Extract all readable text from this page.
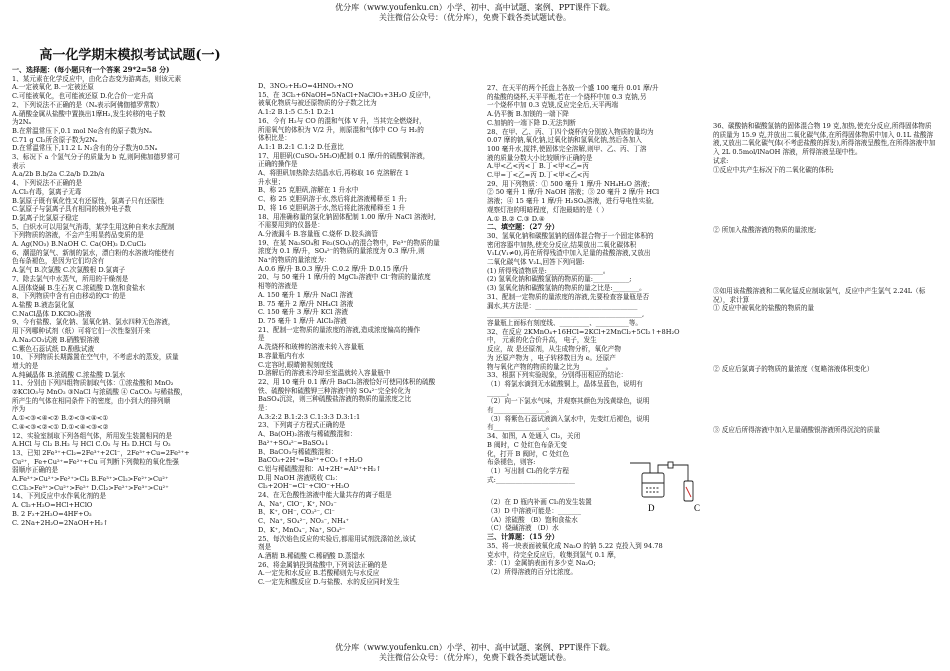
优分库（www.youfenku.cn）小学、初中、高中试题、案例、PPT课件下载。
关注微信公众号：（优分库），免费下载各类试题试卷。
高一化学期末模拟考试试题(一)

一、选择题：(每小题只有一个答案 29*2=58 分)

1、某元素在化学反应中，由化合态变为游离态，则该元素

A.一定被氧化 B.一定被还原

C.可能被氧化，也可能被还原 D.化合价一定升高

2、下列说法不正确的是（Nₐ表示阿佛伽德罗常数）

A.硝酸金属从盐酸中置换出1摩H₂,发生转移的电子数

为2Nₐ

B.在常温常压下,0.1 mol Ne含有的原子数为Nₐ

C.71 g Cl₂所含原子数为2Nₐ

D.在常温常压下,11.2 L N₂含有的分子数为0.5Nₐ

3、标况下 a 个氢气分子的质量为 b 克,则阿佛加德罗常可

表示

A.a/2b B.b/2a C.2a/b D.2b/a

4、下列说法不正确的是

A.Cl₂有毒，氯离子无毒

B.氯原子既有氧化性又有还原性，氯离子只有还原性

C.氯原子与氯离子具有相同的核外电子数

D.氯离子比氯原子稳定

5、白炽水可以用氯气消毒，某学生用这种自来水去配制

下列物质的溶液，不会产生明显药品变质的是

A. Ag(NO₃) B.NaOH C. Ca(OH)₂ D.CuCl₂

6、潮湿的氯气、新制的氯水，漂白粉的水溶液均能使有

色布条褪色，是因为它们均含有

A.氯气 B.次氯酸 C.次氯酸根 D.氯离子

7、除去氯气中水蒸气，所用的干燥剂是

A.固体烧碱 B.生石灰 C.浓硫酸 D.饱和食盐水

8、下列物质中含有自由移动的Cl⁻的是

A.盐酸 B.液态氯化氢

C.NaCl晶体 D.KClO₃溶液

9、今有盐酸、氯化钠、氢氧化钠、氯水四种无色溶液，

用下列哪种试剂（纸）可将它们一次性鉴别开来

A.Na₂CO₃试液 B.硝酸银溶液

C.紫色石蕊试纸 D.酚酞试液

10、下列物质长期露置在空气中，不考虑水的蒸发，质量

增大的是

A.纯碱晶体 B.浓硫酸 C.浓盐酸 D.氯水

11、分别由下列四组物质制取气体：①浓盐酸和 MnO₂

②KClO₃与 MnO₂ ③NaCl 与浓硫酸 ④ CaCO₃ 与稀盐酸，

所产生的气体在相同条件下的密度，由小到大的排列顺

序为

A.①<③<④<② B.②<③<④<①

C.④<③<②<① D.①<④<③<②

12、实验室制取下列各组气体，所用发生装置相同的是

A.HCl 与 Cl₂ B.H₂ 与 HCl C.O₂ 与 H₂ D.HCl 与 O₂

13、已知 2Fe³⁺+Cl₂=2Fe³⁺+2Cl⁻，2Fe³⁺+Cu=2Fe²⁺+

Cu²⁺，Fe+Cu²⁺=Fe²⁺+Cu 可判断下列微粒的氧化性强

弱顺序正确的是

A.Fe³⁺>Cu²⁺>Fe²⁺>Cl₂ B.Fe³⁺>Cl₂>Fe²⁺>Cu²⁺

C.Cl₂>Fe³⁺>Cu²⁺>Fe²⁺ D.Cl₂>Fe²⁺>Fe³⁺>Cu²⁺

14、下列反应中水作氧化剂的是

A. Cl₂+H₂O=HCl+HClO

B. 2 F₂+2H₂O=4HF+O₂

C. 2Na+2H₂O=2NaOH+H₂↑

D、3NO₂+H₂O=4HNO₃+NO

15、在 3Cl₂+6NaOH=5NaCl+NaClO₃+3H₂O 反应中，

被氧化物质与被还原物质的分子数之比为

A.1:2 B.1:5 C.5:1 D.2:1

16、今有 H₂与 CO 的混和气体 V 升，当其完全燃烧时，

所需氧气的体积为 V/2 升，则原混和气体中 CO 与 H₂的

体积比是：

A.1:1 B.2:1 C.1:2 D.任意比

17、用胆矾(CuSO₄·5H₂O)配制 0.1 摩/升的硫酸铜溶液，

正确的操作是

A、将胆矾加热除去结晶水后,再称取 16 克溶解在 1

升水里；

B、称 25 克胆矾,溶解在 1 升水中

C、称 25 克胆矾溶于水,然后将此溶液稀释至 1 升;

D、将 16 克胆矾溶于水,然后将此溶液稀释至 1 升

18、用准确称量的氯化钠固体配制 1.00 摩/升 NaCl 溶液时,

不需要用到的仪器是：

A.分液漏斗 B.容量瓶 C.烧杯 D.胶头滴管

19、在某 Na₂SO₄和 Fe₂(SO₄)₃的混合物中，Fe³⁺的物质的量

浓度为 0.1 摩/升，SO₄²⁻的物质的量浓度为 0.3 摩/升,则

Na⁺的物质的量浓度为：

A.0.6 摩/升 B.0.3 摩/升 C.0.2 摩/升 D.0.15 摩/升

20、与 50 毫升 1 摩/升的 MgCl₂溶液中 Cl⁻物质的量浓度

相等的溶液是

A. 150 毫升 1 摩/升 NaCl 溶液

B. 75 毫升 2 摩/升 NH₄Cl 溶液

C. 150 毫升 3 摩/升 KCl 溶液

D. 75 毫升 1 摩/升 AlCl₃溶液

21、配制一定物质的量浓度的溶液,造成浓度偏高的操作

是

A.洗烧杯和玻棒的溶液未转入容量瓶

B.容量瓶内有水

C.定容时,眼睛俯视刻度线

D.溶解后的溶液未冷却至室温就转入容量瓶中

22、用 10 毫升 0.1 摩/升 BaCl₂溶液恰好可使同体积的硫酸

铁、硫酸锌和硫酸钾三种溶液中的 SO₄²⁻完全转化为

BaSO₄沉淀，则三种硫酸盐溶液的物质的量浓度之比

是：

A.3:2:2 B.1:2:3 C.1:3:3 D.3:1:1

23、下列离子方程式正确的是

A、Ba(OH)₂溶液与稀硫酸混和：

Ba²⁺+SO₄²⁻=BaSO₄↓

B、BaCO₃与稀硫酸混和：

BaCO₃+2H⁺=Ba²⁺+CO₂↑+H₂O

C.铝与稀硫酸混和：Al+2H⁺=Al³⁺+H₂↑

D.用 NaOH 溶液吸收 Cl₂：

Cl₂+2OH⁻=Cl⁻+ClO⁻+H₂O

24、在无色酸性溶液中能大量共存的离子组是

A、Na⁺, ClO⁻, K⁺, NO₃⁻

B、K⁺, OH⁻, CO₃²⁻, Cl⁻

C、Na⁺, SO₄²⁻, NO₃⁻, NH₄⁺

D、K⁺, MnO₄⁻, Na⁺, SO₄²⁻

25、每次焰色反应的实验后,都需用试剂洗涤铂丝,该试

剂是

A.酒精 B.稀硫酸 C.稀硝酸 D.蒸馏水

26、将金属钠投到盐酸中,下列说法正确的是

A.一定先和水反应 B.若酸稀则先与水反应

C.一定先和酸反应 D.与盐酸、水的反应同时发生

27、在天平的两个托盘上各放一个盛 100 毫升 0.01 摩/升

的盐酸的烧杯,天平平衡,若在一个烧杯中加 0.3 克钠,另

一个烧杯中加 0.3 克镁,反应完全后,天平两端

A.仍平衡 B.加镁的一端下降

C.加钠的一端下降 D.无法判断

28、在甲、乙、丙、丁四个烧杯内分别放入物质的量均为

0.07 摩的钠,氧化钠,过氧化钠和氢氧化钠,然后各加入

100 毫升水,搅拌,使固体完全溶解,则甲、乙、丙、丁溶

液的质量分数大小比较顺序正确的是

A.甲<乙<丙<丁 B.丁<甲<乙=丙

C.甲=丁<乙=丙 D.丁<甲<乙<丙

29、用下列物质：① 500 毫升 1 摩/升 NH₄H₂O 溶液；

② 50 毫升 1 摩/升 NaOH 溶液；③ 20 毫升 2 摩/升 HCl

溶液；④ 15 毫升 1 摩/升 H₂SO₄溶液，进行导电性实验,

观察灯泡的明暗程度，灯泡最暗的是（ ）

A.① B.② C.③ D.④

二、填空题：（27 分）

30、氢氧化钠和碳酸氢钠的固体混合物于一个固定体积的

密闭容器中加热,使充分反应,结果放出二氧化碳体积

V₁L(V₁≠0),再在所得残渣中加入足量的盐酸溶液,又放出

二氧化碳气体 V₂L,回答下列问题:

(1) 所得残渣物质是:_________________。

(2) 氢氧化钠和碳酸氢钠的物质的量:___________;

(3) 氢氧化钠和碳酸氢钠的物质的量之比是:________。

31、配制一定物质的量浓度的溶液,先要检查容量瓶是否

漏水,其方法是：_______________________________

_______________________________________________,

容量瓶上面标有刻度线、_________、__________等。

32、在反应 2KMnO₄+16HCl=2KCl+2MnCl₂+5Cl₂↑+8H₂O

中， 元素的化合价升高， 电子，发生

反应，故 是还原剂，从生成物分析，氧化产物

为 还原产物为 ，电子转移数目为 e。还原产

物与氧化产物的物质的量之比为________。

33、根据下列实验现象，分别得出相应的结论：

（1）将氯水滴到无水硫酸铜上，晶体呈蓝色，说明有

______。

（2）向一下氯水气味，并观察其颜色为浅黄绿色，说明

有________________。

（3）将紫色石蕊试液滴入氯水中，先变红后褪色，说明

有________________。

34、如图，A 处通入 Cl₂，关闭

B 阀时，C 处红色布条无变

化，打开 B 阀时，C 处红色

布条褪色，则容:

（1）写出制 Cl₂的化学方程

式:________________________

（2）在 D 瓶内补画 Cl₂的发生装置

（3）D 中溶液可能是：_______

（A）浓硫酸 （B）饱和食盐水

（C）烧碱溶液 （D）水

三、计算题：（15 分）

35、将一块表面被氧化成 Na₂O 的钠 5.22 克投入到 94.78

克水中，待完全反应后，收集到氢气 0.1 摩，

求：（1）金属钠表面有多少克 Na₂O;

（2）所得溶液的百分比浓度。

36、碳酸钠和碳酸氢钠的固体混合物 19 克,加热,使充分反应,所得固体物质的质量为 15.9 克,并放出二氧化碳气体,在所得固体物质中加入 0.1L 盐酸溶液,又放出二氧化碳气体(不考虑盐酸的挥发),所得溶液呈酸性,在所得溶液中加入 2L 0.5mol/lNaOH 溶液，所得溶液呈现中性。

试求:

①反应中共产生标况下的二氧化碳的体积;

② 所加入盐酸溶液的物质的量浓度;

③如用该盐酸溶液和二氧化锰反应制取氯气，反应中产生氯气 2.24L（标况），求计算

① 反应中被氧化的盐酸的物质的量

② 反应后氯离子的物质的量浓度（复略溶液体积变化）

③ 反应后所得溶液中加入足量硝酸银溶液所得沉淀的质量

D	C
优分库（www.youfenku.cn）小学、初中、高中试题、案例、PPT课件下载。
关注微信公众号：（优分库），免费下载各类试题试卷。
